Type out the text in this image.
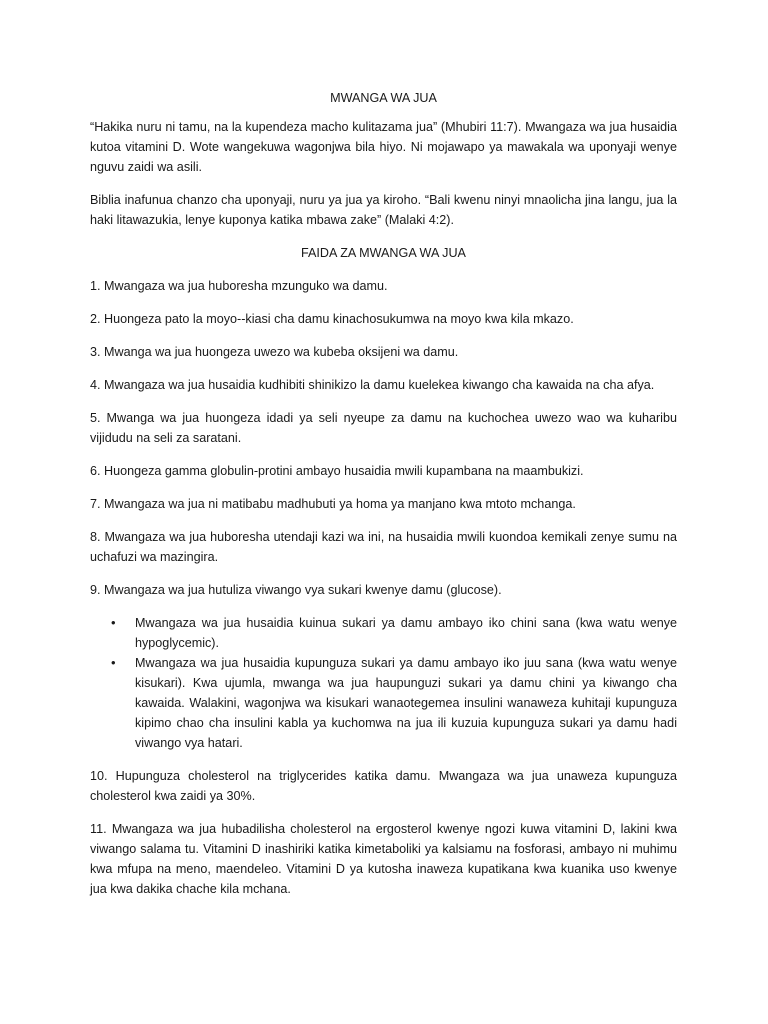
MWANGA WA JUA
“Hakika nuru ni tamu, na la kupendeza macho kulitazama jua” (Mhubiri 11:7). Mwangaza wa jua husaidia kutoa vitamini D. Wote wangekuwa wagonjwa bila hiyo. Ni mojawapo ya mawakala wa uponyaji wenye nguvu zaidi wa asili.
Biblia inafunua chanzo cha uponyaji, nuru ya jua ya kiroho. “Bali kwenu ninyi mnaolicha jina langu, jua la haki litawazukia, lenye kuponya katika mbawa zake” (Malaki 4:2).
FAIDA ZA MWANGA WA JUA
1. Mwangaza wa jua huboresha mzunguko wa damu.
2. Huongeza pato la moyo--kiasi cha damu kinachosukumwa na moyo kwa kila mkazo.
3. Mwanga wa jua huongeza uwezo wa kubeba oksijeni wa damu.
4. Mwangaza wa jua husaidia kudhibiti shinikizo la damu kuelekea kiwango cha kawaida na cha afya.
5. Mwanga wa jua huongeza idadi ya seli nyeupe za damu na kuchochea uwezo wao wa kuharibu vijidudu na seli za saratani.
6. Huongeza gamma globulin-protini ambayo husaidia mwili kupambana na maambukizi.
7. Mwangaza wa jua ni matibabu madhubuti ya homa ya manjano kwa mtoto mchanga.
8. Mwangaza wa jua huboresha utendaji kazi wa ini, na husaidia mwili kuondoa kemikali zenye sumu na uchafuzi wa mazingira.
9. Mwangaza wa jua hutuliza viwango vya sukari kwenye damu (glucose).
• Mwangaza wa jua husaidia kuinua sukari ya damu ambayo iko chini sana (kwa watu wenye hypoglycemic).
• Mwangaza wa jua husaidia kupunguza sukari ya damu ambayo iko juu sana (kwa watu wenye kisukari). Kwa ujumla, mwanga wa jua haupunguzi sukari ya damu chini ya kiwango cha kawaida. Walakini, wagonjwa wa kisukari wanaotegemea insulini wanaweza kuhitaji kupunguza kipimo chao cha insulini kabla ya kuchomwa na jua ili kuzuia kupunguza sukari ya damu hadi viwango vya hatari.
10. Hupunguza cholesterol na triglycerides katika damu. Mwangaza wa jua unaweza kupunguza cholesterol kwa zaidi ya 30%.
11. Mwangaza wa jua hubadilisha cholesterol na ergosterol kwenye ngozi kuwa vitamini D, lakini kwa viwango salama tu. Vitamini D inashiriki katika kimetaboliki ya kalsiamu na fosforasi, ambayo ni muhimu kwa mfupa na meno, maendeleo. Vitamini D ya kutosha inaweza kupatikana kwa kuanika uso kwenye jua kwa dakika chache kila mchana.
